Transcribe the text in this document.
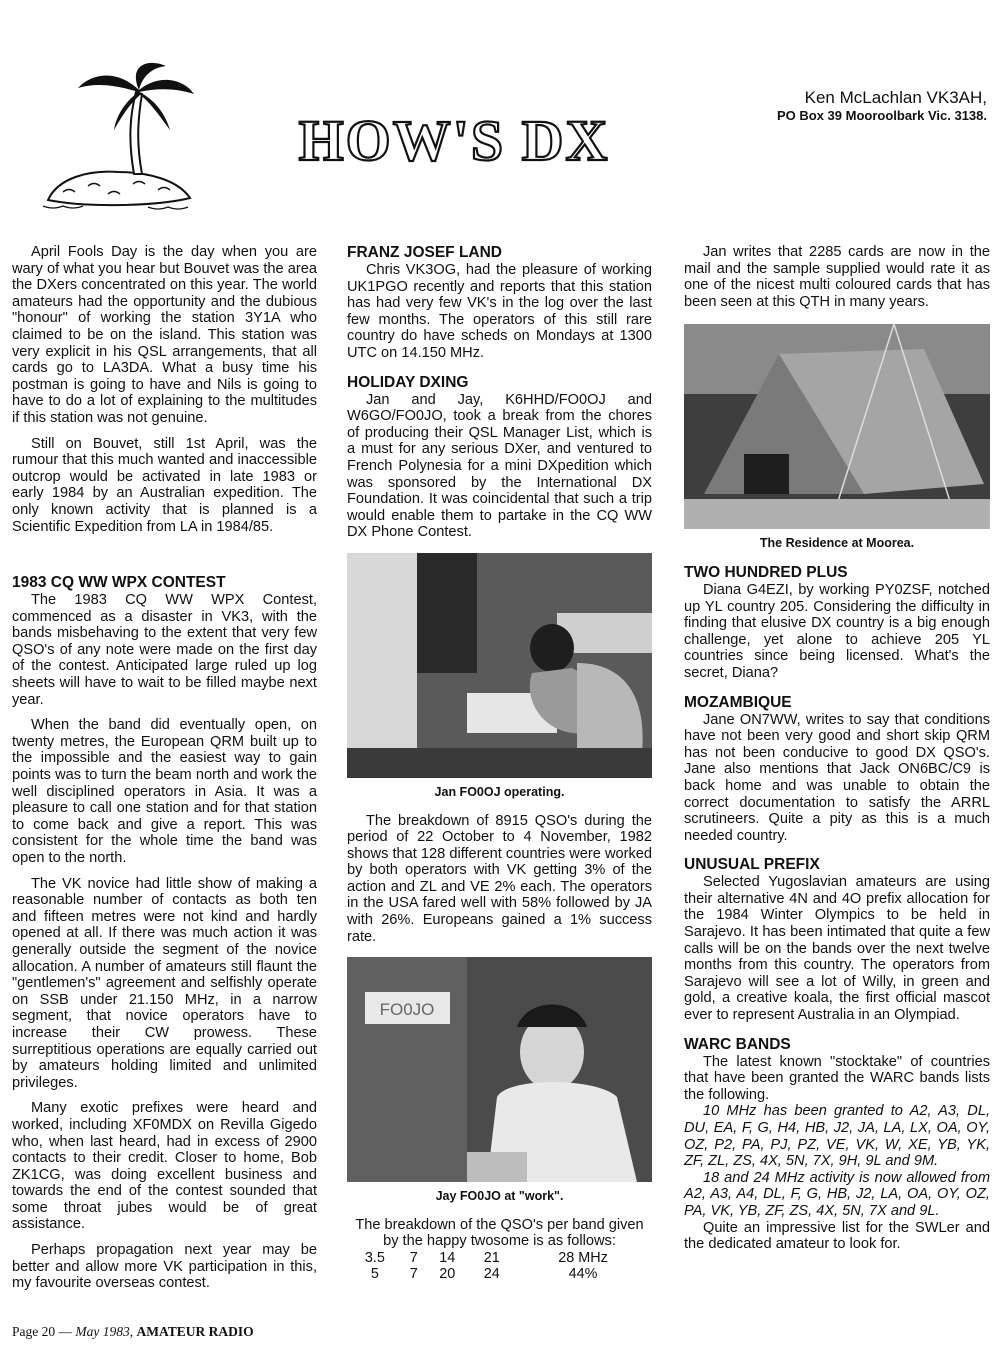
HOW'S DX
Ken McLachlan VK3AH,
PO Box 39 Mooroolbark Vic. 3138.

April Fools Day is the day when you are wary of what you hear but Bouvet was the area the DXers concentrated on this year. The world amateurs had the opportunity and the dubious "honour" of working the station 3Y1A who claimed to be on the island. This station was very explicit in his QSL arrangements, that all cards go to LA3DA. What a busy time his postman is going to have and Nils is going to have to do a lot of explaining to the multitudes if this station was not genuine.

Still on Bouvet, still 1st April, was the rumour that this much wanted and inaccessible outcrop would be activated in late 1983 or early 1984 by an Australian expedition. The only known activity that is planned is a Scientific Expedition from LA in 1984/85.

1983 CQ WW WPX CONTEST

The 1983 CQ WW WPX Contest, commenced as a disaster in VK3, with the bands misbehaving to the extent that very few QSO's of any note were made on the first day of the contest. Anticipated large ruled up log sheets will have to wait to be filled maybe next year.

When the band did eventually open, on twenty metres, the European QRM built up to the impossible and the easiest way to gain points was to turn the beam north and work the well disciplined operators in Asia. It was a pleasure to call one station and for that station to come back and give a report. This was consistent for the whole time the band was open to the north.

The VK novice had little show of making a reasonable number of contacts as both ten and fifteen metres were not kind and hardly opened at all. If there was much action it was generally outside the segment of the novice allocation. A number of amateurs still flaunt the "gentlemen's" agreement and selfishly operate on SSB under 21.150 MHz, in a narrow segment, that novice operators have to increase their CW prowess. These surreptitious operations are equally carried out by amateurs holding limited and unlimited privileges.

Many exotic prefixes were heard and worked, including XF0MDX on Revilla Gigedo who, when last heard, had in excess of 2900 contacts to their credit. Closer to home, Bob ZK1CG, was doing excellent business and towards the end of the contest sounded that some throat jubes would be of great assistance.

Perhaps propagation next year may be better and allow more VK participation in this, my favourite overseas contest.

FRANZ JOSEF LAND

Chris VK3OG, had the pleasure of working UK1PGO recently and reports that this station has had very few VK's in the log over the last few months. The operators of this still rare country do have scheds on Mondays at 1300 UTC on 14.150 MHz.

HOLIDAY DXING

Jan and Jay, K6HHD/FO0OJ and W6GO/FO0JO, took a break from the chores of producing their QSL Manager List, which is a must for any serious DXer, and ventured to French Polynesia for a mini DXpedition which was sponsored by the International DX Foundation. It was coincidental that such a trip would enable them to partake in the CQ WW DX Phone Contest.

Jan FO0OJ operating.

The breakdown of 8915 QSO's during the period of 22 October to 4 November, 1982 shows that 128 different countries were worked by both operators with VK getting 3% of the action and ZL and VE 2% each. The operators in the USA fared well with 58% followed by JA with 26%. Europeans gained a 1% success rate.

FO0JO
Jay FO0JO at "work".

The breakdown of the QSO's per band given by the happy twosome is as follows:

3.5	7	14	21	28 MHz
5	7	20	24	44%

Jan writes that 2285 cards are now in the mail and the sample supplied would rate it as one of the nicest multi coloured cards that has been seen at this QTH in many years.

The Residence at Moorea.
TWO HUNDRED PLUS

Diana G4EZI, by working PY0ZSF, notched up YL country 205. Considering the difficulty in finding that elusive DX country is a big enough challenge, yet alone to achieve 205 YL countries since being licensed. What's the secret, Diana?

MOZAMBIQUE

Jane ON7WW, writes to say that conditions have not been very good and short skip QRM has not been conducive to good DX QSO's. Jane also mentions that Jack ON6BC/C9 is back home and was unable to obtain the correct documentation to satisfy the ARRL scrutineers. Quite a pity as this is a much needed country.

UNUSUAL PREFIX

Selected Yugoslavian amateurs are using their alternative 4N and 4O prefix allocation for the 1984 Winter Olympics to be held in Sarajevo. It has been intimated that quite a few calls will be on the bands over the next twelve months from this country. The operators from Sarajevo will see a lot of Willy, in green and gold, a creative koala, the first official mascot ever to represent Australia in an Olympiad.

WARC BANDS

The latest known "stocktake" of countries that have been granted the WARC bands lists the following.

10 MHz has been granted to A2, A3, DL, DU, EA, F, G, H4, HB, J2, JA, LA, LX, OA, OY, OZ, P2, PA, PJ, PZ, VE, VK, W, XE, YB, YK, ZF, ZL, ZS, 4X, 5N, 7X, 9H, 9L and 9M.

18 and 24 MHz activity is now allowed from A2, A3, A4, DL, F, G, HB, J2, LA, OA, OY, OZ, PA, VK, YB, ZF, ZS, 4X, 5N, 7X and 9L.

Quite an impressive list for the SWLer and the dedicated amateur to look for.

Page 20 — May 1983, AMATEUR RADIO
